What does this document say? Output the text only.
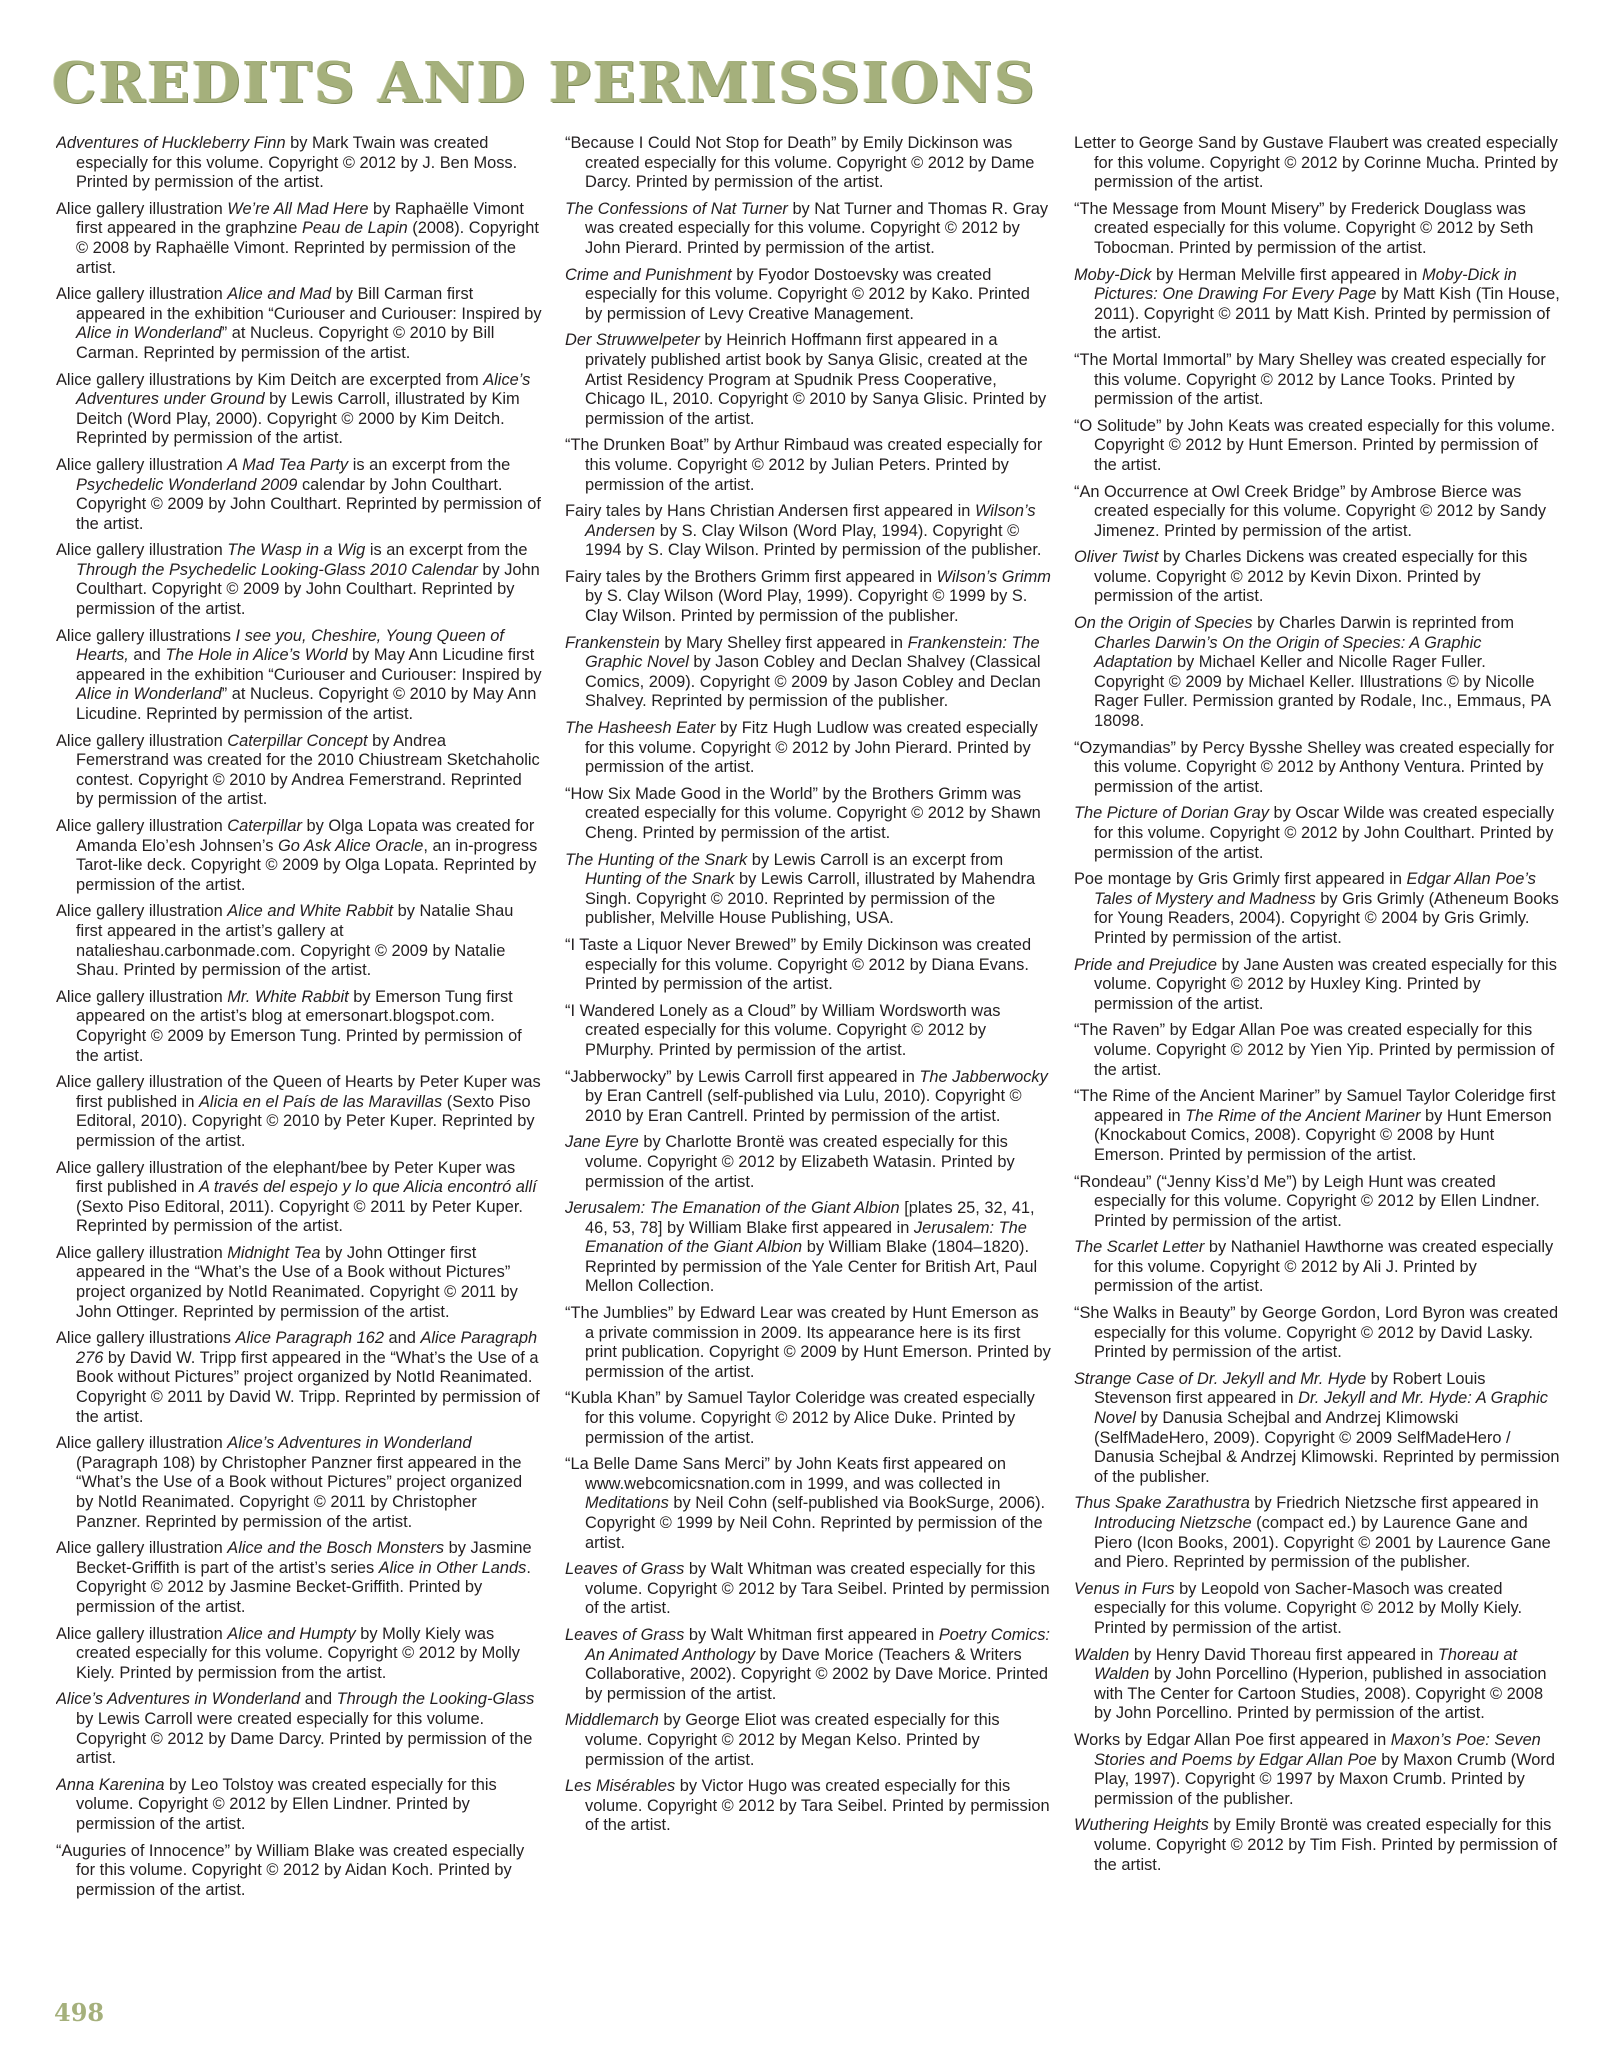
CREDITS AND PERMISSIONS

Adventures of Huckleberry Finn by Mark Twain was created especially for this volume. Copyright © 2012 by J. Ben Moss. Printed by permission of the artist.

Alice gallery illustration We’re All Mad Here by Raphaëlle Vimont first appeared in the graphzine Peau de Lapin (2008). Copyright © 2008 by Raphaëlle Vimont. Reprinted by permission of the artist.

Alice gallery illustration Alice and Mad by Bill Carman first appeared in the exhibition “Curiouser and Curiouser: Inspired by Alice in Wonderland” at Nucleus. Copyright © 2010 by Bill Carman. Reprinted by permission of the artist.

Alice gallery illustrations by Kim Deitch are excerpted from Alice’s Adventures under Ground by Lewis Carroll, illustrated by Kim Deitch (Word Play, 2000). Copyright © 2000 by Kim Deitch. Reprinted by permission of the artist.

Alice gallery illustration A Mad Tea Party is an excerpt from the Psychedelic Wonderland 2009 calendar by John Coulthart. Copyright © 2009 by John Coulthart. Reprinted by permission of the artist.

Alice gallery illustration The Wasp in a Wig is an excerpt from the Through the Psychedelic Looking-Glass 2010 Calendar by John Coulthart. Copyright © 2009 by John Coulthart. Reprinted by permission of the artist.

Alice gallery illustrations I see you, Cheshire, Young Queen of Hearts, and The Hole in Alice’s World by May Ann Licudine first appeared in the exhibition “Curiouser and Curiouser: Inspired by Alice in Wonderland” at Nucleus. Copyright © 2010 by May Ann Licudine. Reprinted by permission of the artist.

Alice gallery illustration Caterpillar Concept by Andrea Femerstrand was created for the 2010 Chiustream Sketchaholic contest. Copyright © 2010 by Andrea Femerstrand. Reprinted by permission of the artist.

Alice gallery illustration Caterpillar by Olga Lopata was created for Amanda Elo’esh Johnsen’s Go Ask Alice Oracle, an in-progress Tarot-like deck. Copyright © 2009 by Olga Lopata. Reprinted by permission of the artist.

Alice gallery illustration Alice and White Rabbit by Natalie Shau first appeared in the artist’s gallery at natalieshau.carbonmade.com. Copyright © 2009 by Natalie Shau. Printed by permission of the artist.

Alice gallery illustration Mr. White Rabbit by Emerson Tung first appeared on the artist’s blog at emersonart.blogspot.com. Copyright © 2009 by Emerson Tung. Printed by permission of the artist.

Alice gallery illustration of the Queen of Hearts by Peter Kuper was first published in Alicia en el País de las Maravillas (Sexto Piso Editoral, 2010). Copyright © 2010 by Peter Kuper. Reprinted by permission of the artist.

Alice gallery illustration of the elephant/bee by Peter Kuper was first published in A través del espejo y lo que Alicia encontró allí (Sexto Piso Editoral, 2011). Copyright © 2011 by Peter Kuper. Reprinted by permission of the artist.

Alice gallery illustration Midnight Tea by John Ottinger first appeared in the “What’s the Use of a Book without Pictures” project organized by NotId Reanimated. Copyright © 2011 by John Ottinger. Reprinted by permission of the artist.

Alice gallery illustrations Alice Paragraph 162 and Alice Paragraph 276 by David W. Tripp first appeared in the “What’s the Use of a Book without Pictures” project organized by NotId Reanimated. Copyright © 2011 by David W. Tripp. Reprinted by permission of the artist.

Alice gallery illustration Alice’s Adventures in Wonderland (Paragraph 108) by Christopher Panzner first appeared in the “What’s the Use of a Book without Pictures” project organized by NotId Reanimated. Copyright © 2011 by Christopher Panzner. Reprinted by permission of the artist.

Alice gallery illustration Alice and the Bosch Monsters by Jasmine Becket-Griffith is part of the artist’s series Alice in Other Lands. Copyright © 2012 by Jasmine Becket-Griffith. Printed by permission of the artist.

Alice gallery illustration Alice and Humpty by Molly Kiely was created especially for this volume. Copyright © 2012 by Molly Kiely. Printed by permission from the artist.

Alice’s Adventures in Wonderland and Through the Looking-Glass by Lewis Carroll were created especially for this volume. Copyright © 2012 by Dame Darcy. Printed by permission of the artist.

Anna Karenina by Leo Tolstoy was created especially for this volume. Copyright © 2012 by Ellen Lindner. Printed by permission of the artist.

“Auguries of Innocence” by William Blake was created especially for this volume. Copyright © 2012 by Aidan Koch. Printed by permission of the artist.

“Because I Could Not Stop for Death” by Emily Dickinson was created especially for this volume. Copyright © 2012 by Dame Darcy. Printed by permission of the artist.

The Confessions of Nat Turner by Nat Turner and Thomas R. Gray was created especially for this volume. Copyright © 2012 by John Pierard. Printed by permission of the artist.

Crime and Punishment by Fyodor Dostoevsky was created especially for this volume. Copyright © 2012 by Kako. Printed by permission of Levy Creative Management.

Der Struwwelpeter by Heinrich Hoffmann first appeared in a privately published artist book by Sanya Glisic, created at the Artist Residency Program at Spudnik Press Cooperative, Chicago IL, 2010. Copyright © 2010 by Sanya Glisic. Printed by permission of the artist.

“The Drunken Boat” by Arthur Rimbaud was created especially for this volume. Copyright © 2012 by Julian Peters. Printed by permission of the artist.

Fairy tales by Hans Christian Andersen first appeared in Wilson’s Andersen by S. Clay Wilson (Word Play, 1994). Copyright © 1994 by S. Clay Wilson. Printed by permission of the publisher.

Fairy tales by the Brothers Grimm first appeared in Wilson’s Grimm by S. Clay Wilson (Word Play, 1999). Copyright © 1999 by S. Clay Wilson. Printed by permission of the publisher.

Frankenstein by Mary Shelley first appeared in Frankenstein: The Graphic Novel by Jason Cobley and Declan Shalvey (Classical Comics, 2009). Copyright © 2009 by Jason Cobley and Declan Shalvey. Reprinted by permission of the publisher.

The Hasheesh Eater by Fitz Hugh Ludlow was created especially for this volume. Copyright © 2012 by John Pierard. Printed by permission of the artist.

“How Six Made Good in the World” by the Brothers Grimm was created especially for this volume. Copyright © 2012 by Shawn Cheng. Printed by permission of the artist.

The Hunting of the Snark by Lewis Carroll is an excerpt from Hunting of the Snark by Lewis Carroll, illustrated by Mahendra Singh. Copyright © 2010. Reprinted by permission of the publisher, Melville House Publishing, USA.

“I Taste a Liquor Never Brewed” by Emily Dickinson was created especially for this volume. Copyright © 2012 by Diana Evans. Printed by permission of the artist.

“I Wandered Lonely as a Cloud” by William Wordsworth was created especially for this volume. Copyright © 2012 by PMurphy. Printed by permission of the artist.

“Jabberwocky” by Lewis Carroll first appeared in The Jabberwocky by Eran Cantrell (self-published via Lulu, 2010). Copyright © 2010 by Eran Cantrell. Printed by permission of the artist.

Jane Eyre by Charlotte Brontë was created especially for this volume. Copyright © 2012 by Elizabeth Watasin. Printed by permission of the artist.

Jerusalem: The Emanation of the Giant Albion [plates 25, 32, 41, 46, 53, 78] by William Blake first appeared in Jerusalem: The Emanation of the Giant Albion by William Blake (1804–1820). Reprinted by permission of the Yale Center for British Art, Paul Mellon Collection.

“The Jumblies” by Edward Lear was created by Hunt Emerson as a private commission in 2009. Its appearance here is its first print publication. Copyright © 2009 by Hunt Emerson. Printed by permission of the artist.

“Kubla Khan” by Samuel Taylor Coleridge was created especially for this volume. Copyright © 2012 by Alice Duke. Printed by permission of the artist.

“La Belle Dame Sans Merci” by John Keats first appeared on www.webcomicsnation.com in 1999, and was collected in Meditations by Neil Cohn (self-published via BookSurge, 2006). Copyright © 1999 by Neil Cohn. Reprinted by permission of the artist.

Leaves of Grass by Walt Whitman was created especially for this volume. Copyright © 2012 by Tara Seibel. Printed by permission of the artist.

Leaves of Grass by Walt Whitman first appeared in Poetry Comics: An Animated Anthology by Dave Morice (Teachers & Writers Collaborative, 2002). Copyright © 2002 by Dave Morice. Printed by permission of the artist.

Middlemarch by George Eliot was created especially for this volume. Copyright © 2012 by Megan Kelso. Printed by permission of the artist.

Les Misérables by Victor Hugo was created especially for this volume. Copyright © 2012 by Tara Seibel. Printed by permission of the artist.

Letter to George Sand by Gustave Flaubert was created especially for this volume. Copyright © 2012 by Corinne Mucha. Printed by permission of the artist.

“The Message from Mount Misery” by Frederick Douglass was created especially for this volume. Copyright © 2012 by Seth Tobocman. Printed by permission of the artist.

Moby-Dick by Herman Melville first appeared in Moby-Dick in Pictures: One Drawing For Every Page by Matt Kish (Tin House, 2011). Copyright © 2011 by Matt Kish. Printed by permission of the artist.

“The Mortal Immortal” by Mary Shelley was created especially for this volume. Copyright © 2012 by Lance Tooks. Printed by permission of the artist.

“O Solitude” by John Keats was created especially for this volume. Copyright © 2012 by Hunt Emerson. Printed by permission of the artist.

“An Occurrence at Owl Creek Bridge” by Ambrose Bierce was created especially for this volume. Copyright © 2012 by Sandy Jimenez. Printed by permission of the artist.

Oliver Twist by Charles Dickens was created especially for this volume. Copyright © 2012 by Kevin Dixon. Printed by permission of the artist.

On the Origin of Species by Charles Darwin is reprinted from Charles Darwin’s On the Origin of Species: A Graphic Adaptation by Michael Keller and Nicolle Rager Fuller. Copyright © 2009 by Michael Keller. Illustrations © by Nicolle Rager Fuller. Permission granted by Rodale, Inc., Emmaus, PA 18098.

“Ozymandias” by Percy Bysshe Shelley was created especially for this volume. Copyright © 2012 by Anthony Ventura. Printed by permission of the artist.

The Picture of Dorian Gray by Oscar Wilde was created especially for this volume. Copyright © 2012 by John Coulthart. Printed by permission of the artist.

Poe montage by Gris Grimly first appeared in Edgar Allan Poe’s Tales of Mystery and Madness by Gris Grimly (Atheneum Books for Young Readers, 2004). Copyright © 2004 by Gris Grimly. Printed by permission of the artist.

Pride and Prejudice by Jane Austen was created especially for this volume. Copyright © 2012 by Huxley King. Printed by permission of the artist.

“The Raven” by Edgar Allan Poe was created especially for this volume. Copyright © 2012 by Yien Yip. Printed by permission of the artist.

“The Rime of the Ancient Mariner” by Samuel Taylor Coleridge first appeared in The Rime of the Ancient Mariner by Hunt Emerson (Knockabout Comics, 2008). Copyright © 2008 by Hunt Emerson. Printed by permission of the artist.

“Rondeau” (“Jenny Kiss’d Me”) by Leigh Hunt was created especially for this volume. Copyright © 2012 by Ellen Lindner. Printed by permission of the artist.

The Scarlet Letter by Nathaniel Hawthorne was created especially for this volume. Copyright © 2012 by Ali J. Printed by permission of the artist.

“She Walks in Beauty” by George Gordon, Lord Byron was created especially for this volume. Copyright © 2012 by David Lasky. Printed by permission of the artist.

Strange Case of Dr. Jekyll and Mr. Hyde by Robert Louis Stevenson first appeared in Dr. Jekyll and Mr. Hyde: A Graphic Novel by Danusia Schejbal and Andrzej Klimowski (SelfMadeHero, 2009). Copyright © 2009 SelfMadeHero / Danusia Schejbal & Andrzej Klimowski. Reprinted by permission of the publisher.

Thus Spake Zarathustra by Friedrich Nietzsche first appeared in Introducing Nietzsche (compact ed.) by Laurence Gane and Piero (Icon Books, 2001). Copyright © 2001 by Laurence Gane and Piero. Reprinted by permission of the publisher.

Venus in Furs by Leopold von Sacher-Masoch was created especially for this volume. Copyright © 2012 by Molly Kiely. Printed by permission of the artist.

Walden by Henry David Thoreau first appeared in Thoreau at Walden by John Porcellino (Hyperion, published in association with The Center for Cartoon Studies, 2008). Copyright © 2008 by John Porcellino. Printed by permission of the artist.

Works by Edgar Allan Poe first appeared in Maxon’s Poe: Seven Stories and Poems by Edgar Allan Poe by Maxon Crumb (Word Play, 1997). Copyright © 1997 by Maxon Crumb. Printed by permission of the publisher.

Wuthering Heights by Emily Brontë was created especially for this volume. Copyright © 2012 by Tim Fish. Printed by permission of the artist.

498
